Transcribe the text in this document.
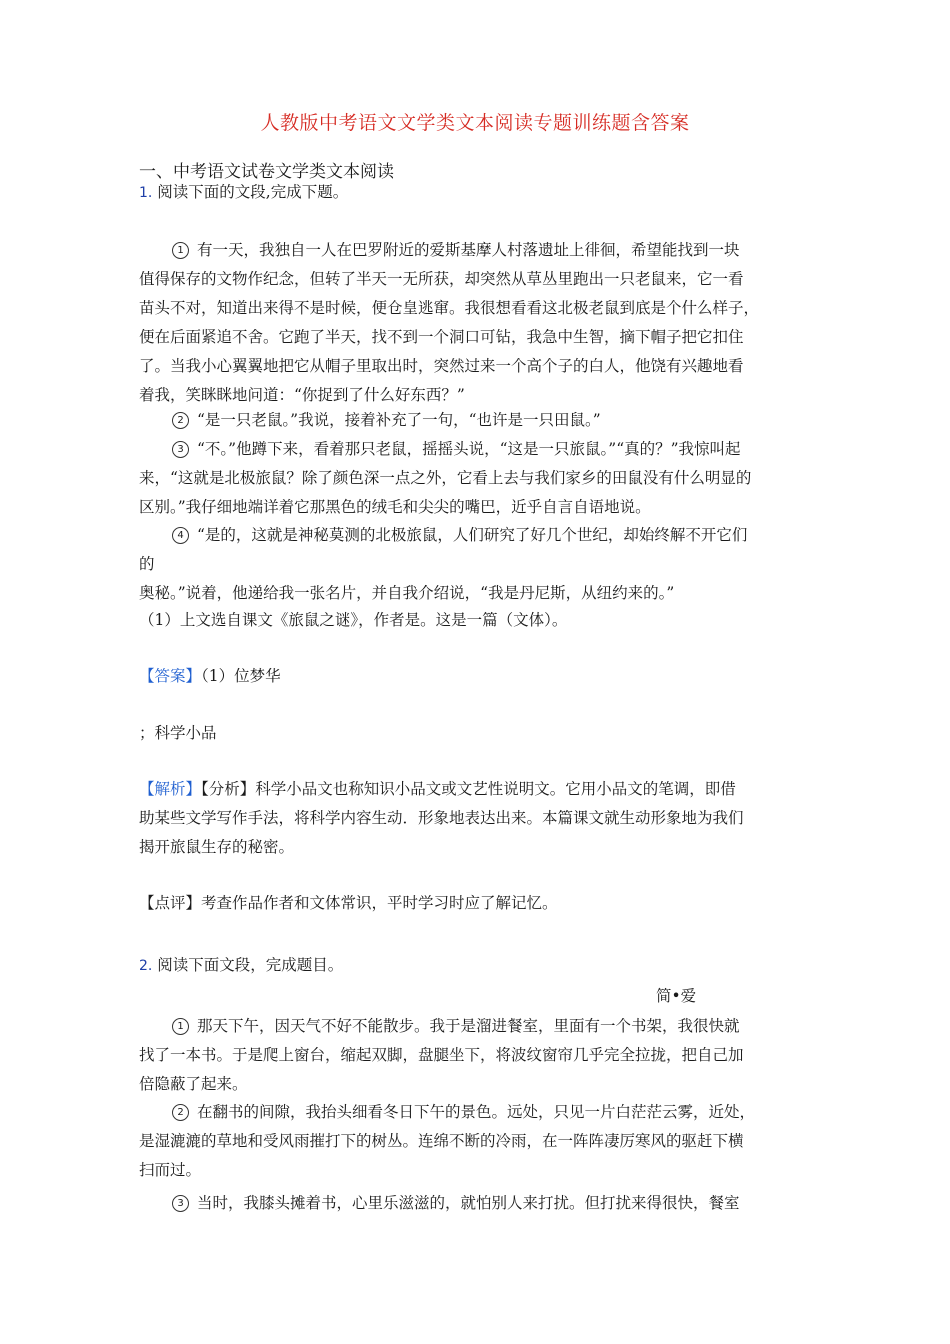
人教版中考语文文学类文本阅读专题训练题含答案
一、中考语文试卷文学类文本阅读
1. 阅读下面的文段,完成下题。
1 有一天，我独自一人在巴罗附近的爱斯基摩人村落遗址上徘徊，希望能找到一块
值得保存的文物作纪念，但转了半天一无所获，却突然从草丛里跑出一只老鼠来，它一看
苗头不对，知道出来得不是时候，便仓皇逃窜。我很想看看这北极老鼠到底是个什么样子，
便在后面紧追不舍。它跑了半天，找不到一个洞口可钻，我急中生智，摘下帽子把它扣住
了。当我小心翼翼地把它从帽子里取出时，突然过来一个高个子的白人，他饶有兴趣地看
着我，笑眯眯地问道：“你捉到了什么好东西？”
2 “是一只老鼠。”我说，接着补充了一句，“也许是一只田鼠。”
3 “不。”他蹲下来，看着那只老鼠，摇摇头说，“这是一只旅鼠。”“真的？”我惊叫起
来，“这就是北极旅鼠？除了颜色深一点之外，它看上去与我们家乡的田鼠没有什么明显的
区别。”我仔细地端详着它那黑色的绒毛和尖尖的嘴巴，近乎自言自语地说。
4 “是的，这就是神秘莫测的北极旅鼠，人们研究了好几个世纪，却始终解不开它们
的
奥秘。”说着，他递给我一张名片，并自我介绍说，“我是丹尼斯，从纽约来的。”
（1）上文选自课文《旅鼠之谜》，作者是。这是一篇（文体）。
【答案】（1）位梦华
；科学小品
【解析】【分析】科学小品文也称知识小品文或文艺性说明文。它用小品文的笔调，即借
助某些文学写作手法，将科学内容生动．形象地表达出来。本篇课文就生动形象地为我们
揭开旅鼠生存的秘密。
【点评】考查作品作者和文体常识，平时学习时应了解记忆。
2. 阅读下面文段，完成题目。
简•爱
1 那天下午，因天气不好不能散步。我于是溜进餐室，里面有一个书架，我很快就
找了一本书。于是爬上窗台，缩起双脚，盘腿坐下，将波纹窗帘几乎完全拉拢，把自己加
倍隐蔽了起来。
2 在翻书的间隙，我抬头细看冬日下午的景色。远处，只见一片白茫茫云雾，近处，
是湿漉漉的草地和受风雨摧打下的树丛。连绵不断的冷雨，在一阵阵凄厉寒风的驱赶下横
扫而过。
3 当时，我膝头摊着书，心里乐滋滋的，就怕别人来打扰。但打扰来得很快，餐室
